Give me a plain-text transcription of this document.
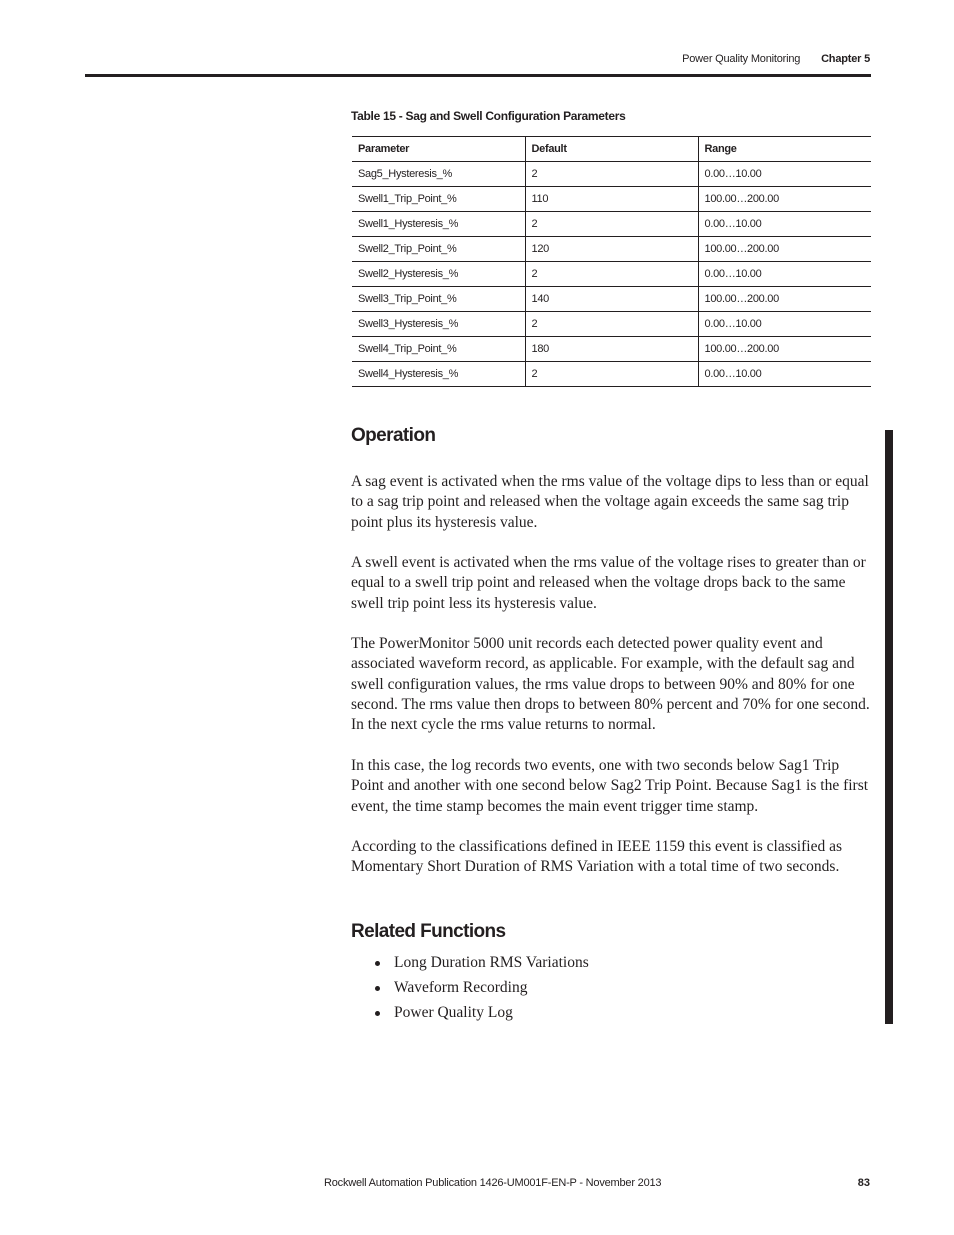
Power Quality Monitoring Chapter 5
Table 15 - Sag and Swell Configuration Parameters
Parameter	Default	Range
Sag5_Hysteresis_%	2	0.00…10.00
Swell1_Trip_Point_%	110	100.00…200.00
Swell1_Hysteresis_%	2	0.00…10.00
Swell2_Trip_Point_%	120	100.00…200.00
Swell2_Hysteresis_%	2	0.00…10.00
Swell3_Trip_Point_%	140	100.00…200.00
Swell3_Hysteresis_%	2	0.00…10.00
Swell4_Trip_Point_%	180	100.00…200.00
Swell4_Hysteresis_%	2	0.00…10.00
Operation

A sag event is activated when the rms value of the voltage dips to less than or equal to a sag trip point and released when the voltage again exceeds the same sag trip point plus its hysteresis value.

A swell event is activated when the rms value of the voltage rises to greater than or equal to a swell trip point and released when the voltage drops back to the same swell trip point less its hysteresis value.

The PowerMonitor 5000 unit records each detected power quality event and associated waveform record, as applicable. For example, with the default sag and swell configuration values, the rms value drops to between 90% and 80% for one second. The rms value then drops to between 80% percent and 70% for one second. In the next cycle the rms value returns to normal.

In this case, the log records two events, one with two seconds below Sag1 Trip Point and another with one second below Sag2 Trip Point. Because Sag1 is the first event, the time stamp becomes the main event trigger time stamp.

According to the classifications defined in IEEE 1159 this event is classified as Momentary Short Duration of RMS Variation with a total time of two seconds.

Related Functions
Long Duration RMS Variations
Waveform Recording
Power Quality Log
Rockwell Automation Publication 1426-UM001F-EN-P - November 2013	83
